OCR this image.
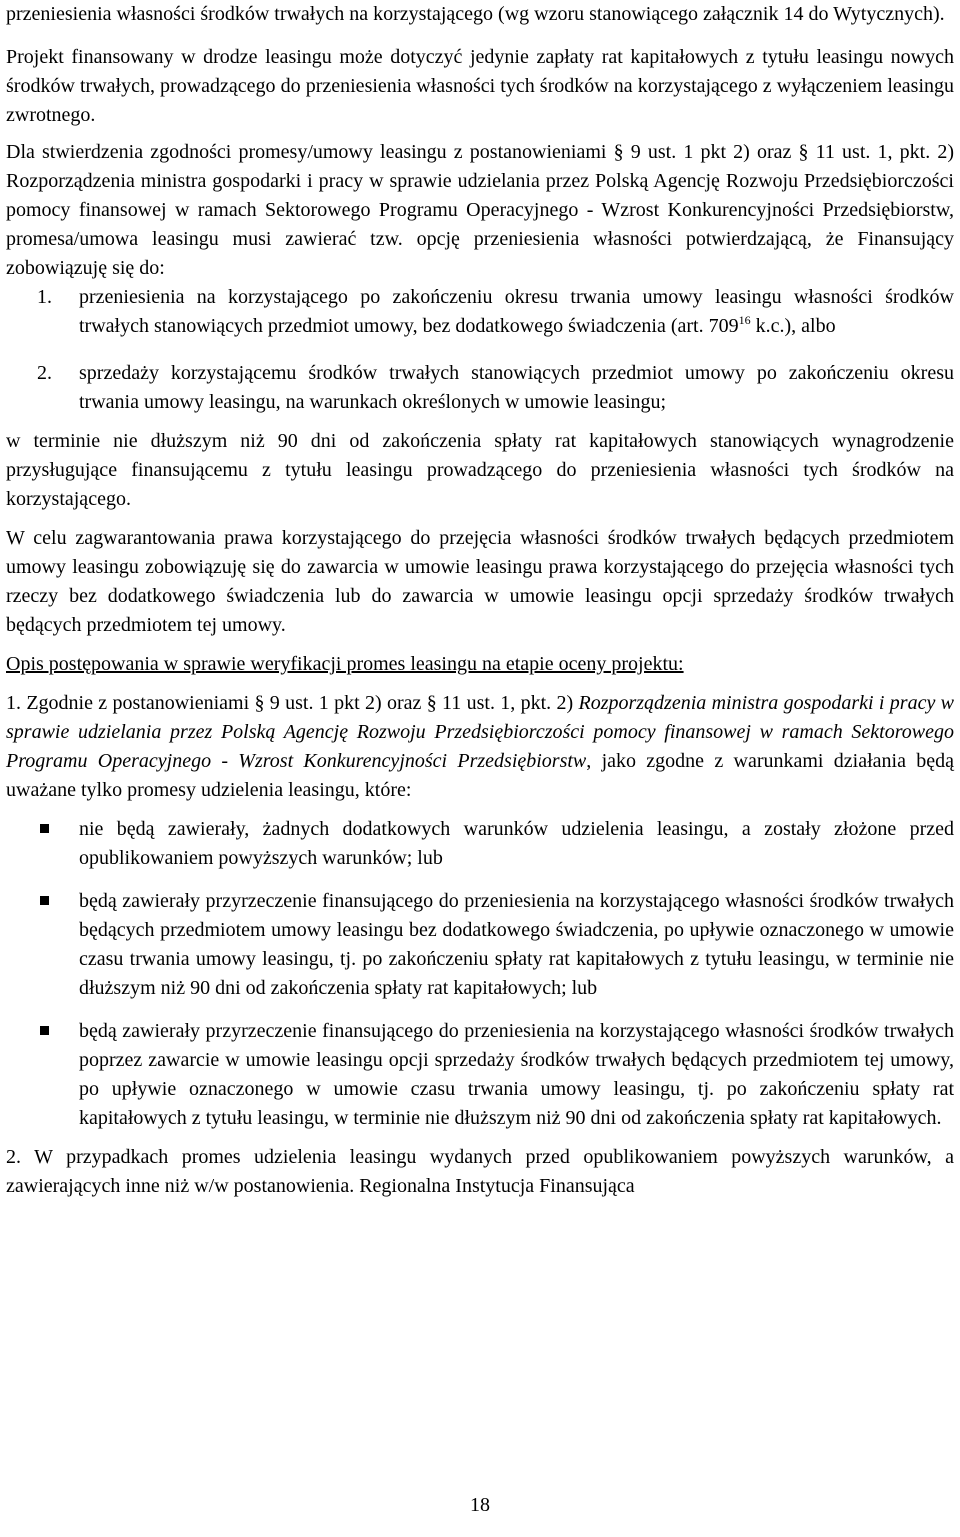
przeniesienia własności środków trwałych na korzystającego (wg wzoru stanowiącego załącznik 14 do Wytycznych).

Projekt finansowany w drodze leasingu może dotyczyć jedynie zapłaty rat kapitałowych z tytułu leasingu nowych środków trwałych, prowadzącego do przeniesienia własności tych środków na korzystającego z wyłączeniem leasingu zwrotnego.

Dla stwierdzenia zgodności promesy/umowy leasingu z postanowieniami § 9 ust. 1 pkt 2) oraz § 11 ust. 1, pkt. 2) Rozporządzenia ministra gospodarki i pracy w sprawie udzielania przez Polską Agencję Rozwoju Przedsiębiorczości pomocy finansowej w ramach Sektorowego Programu Operacyjnego - Wzrost Konkurencyjności Przedsiębiorstw, promesa/umowa leasingu musi zawierać tzw. opcję przeniesienia własności potwierdzającą, że Finansujący zobowiązuję się do:

1. przeniesienia na korzystającego po zakończeniu okresu trwania umowy leasingu własności środków trwałych stanowiących przedmiot umowy, bez dodatkowego świadczenia (art. $709^{16}$ k.c.), albo
2. sprzedaży korzystającemu środków trwałych stanowiących przedmiot umowy po zakończeniu okresu trwania umowy leasingu, na warunkach określonych w umowie leasingu;

w terminie nie dłuższym niż 90 dni od zakończenia spłaty rat kapitałowych stanowiących wynagrodzenie przysługujące finansującemu z tytułu leasingu prowadzącego do przeniesienia własności tych środków na korzystającego.

W celu zagwarantowania prawa korzystającego do przejęcia własności środków trwałych będących przedmiotem umowy leasingu zobowiązuję się do zawarcia w umowie leasingu prawa korzystającego do przejęcia własności tych rzeczy bez dodatkowego świadczenia lub do zawarcia w umowie leasingu opcji sprzedaży środków trwałych będących przedmiotem tej umowy.

Opis postępowania w sprawie weryfikacji promes leasingu na etapie oceny projektu:

1. Zgodnie z postanowieniami § 9 ust. 1 pkt 2) oraz § 11 ust. 1, pkt. 2) Rozporządzenia ministra gospodarki i pracy w sprawie udzielania przez Polską Agencję Rozwoju Przedsiębiorczości pomocy finansowej w ramach Sektorowego Programu Operacyjnego - Wzrost Konkurencyjności Przedsiębiorstw, jako zgodne z warunkami działania będą uważane tylko promesy udzielenia leasingu, które:

nie będą zawierały, żadnych dodatkowych warunków udzielenia leasingu, a zostały złożone przed opublikowaniem powyższych warunków; lub
będą zawierały przyrzeczenie finansującego do przeniesienia na korzystającego własności środków trwałych będących przedmiotem umowy leasingu bez dodatkowego świadczenia, po upływie oznaczonego w umowie czasu trwania umowy leasingu, tj. po zakończeniu spłaty rat kapitałowych z tytułu leasingu, w terminie nie dłuższym niż 90 dni od zakończenia spłaty rat kapitałowych; lub
będą zawierały przyrzeczenie finansującego do przeniesienia na korzystającego własności środków trwałych poprzez zawarcie w umowie leasingu opcji sprzedaży środków trwałych będących przedmiotem tej umowy, po upływie oznaczonego w umowie czasu trwania umowy leasingu, tj. po zakończeniu spłaty rat kapitałowych z tytułu leasingu, w terminie nie dłuższym niż 90 dni od zakończenia spłaty rat kapitałowych.

2. W przypadkach promes udzielenia leasingu wydanych przed opublikowaniem powyższych warunków, a zawierających inne niż w/w postanowienia. Regionalna Instytucja Finansująca

18
